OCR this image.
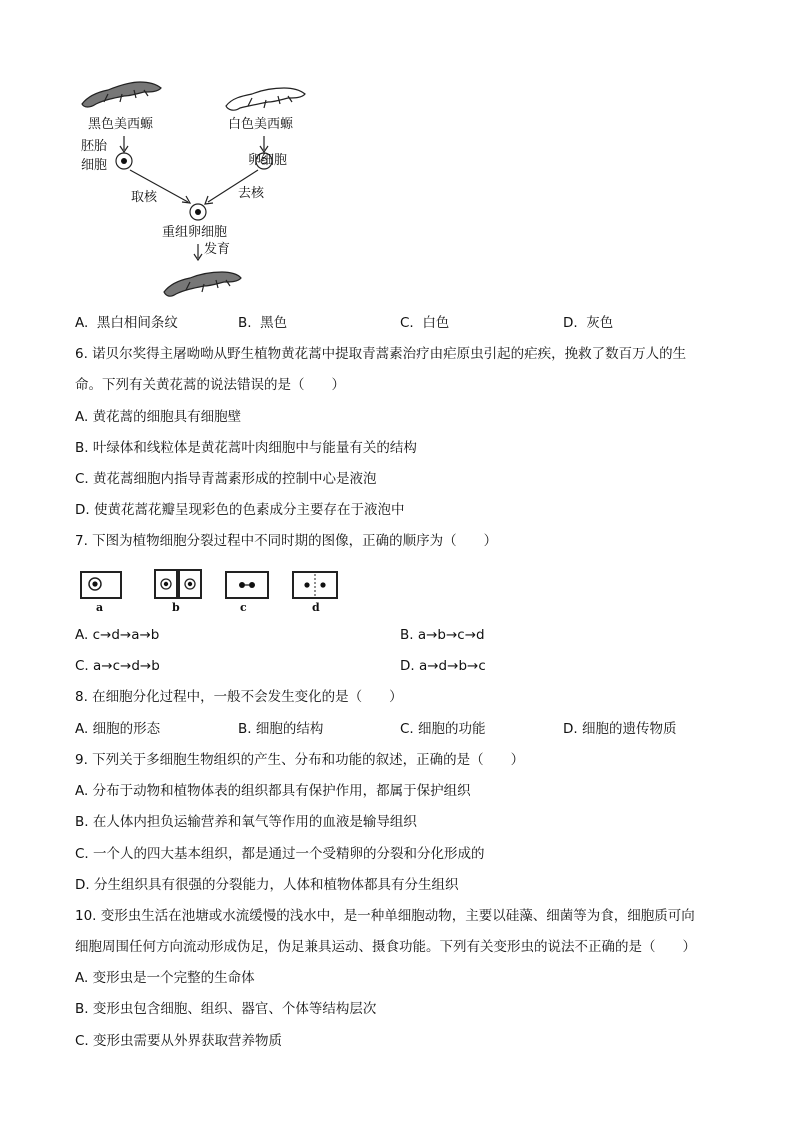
黑色美西螈	白色美西螈
胚胎
细胞	卵细胞
取核	去核
重组卵细胞
发育
A. 黑白相间条纹	B. 黑色	C. 白色	D. 灰色
6. 诺贝尔奖得主屠呦呦从野生植物黄花蒿中提取青蒿素治疗由疟原虫引起的疟疾，挽救了数百万人的生
命。下列有关黄花蒿的说法错误的是（　　）
A. 黄花蒿的细胞具有细胞壁
B. 叶绿体和线粒体是黄花蒿叶肉细胞中与能量有关的结构
C. 黄花蒿细胞内指导青蒿素形成的控制中心是液泡
D. 使黄花蒿花瓣呈现彩色的色素成分主要存在于液泡中
7. 下图为植物细胞分裂过程中不同时期的图像，正确的顺序为（　　）
a	b	c	d
A. c→d→a→b	B. a→b→c→d
C. a→c→d→b	D. a→d→b→c
8. 在细胞分化过程中，一般不会发生变化的是（　　）
A. 细胞的形态	B. 细胞的结构	C. 细胞的功能	D. 细胞的遗传物质
9. 下列关于多细胞生物组织的产生、分布和功能的叙述，正确的是（　　）
A. 分布于动物和植物体表的组织都具有保护作用，都属于保护组织
B. 在人体内担负运输营养和氧气等作用的血液是输导组织
C. 一个人的四大基本组织，都是通过一个受精卵的分裂和分化形成的
D. 分生组织具有很强的分裂能力，人体和植物体都具有分生组织
10. 变形虫生活在池塘或水流缓慢的浅水中，是一种单细胞动物，主要以硅藻、细菌等为食，细胞质可向
细胞周围任何方向流动形成伪足，伪足兼具运动、摄食功能。下列有关变形虫的说法不正确的是（　　）
A. 变形虫是一个完整的生命体
B. 变形虫包含细胞、组织、器官、个体等结构层次
C. 变形虫需要从外界获取营养物质
